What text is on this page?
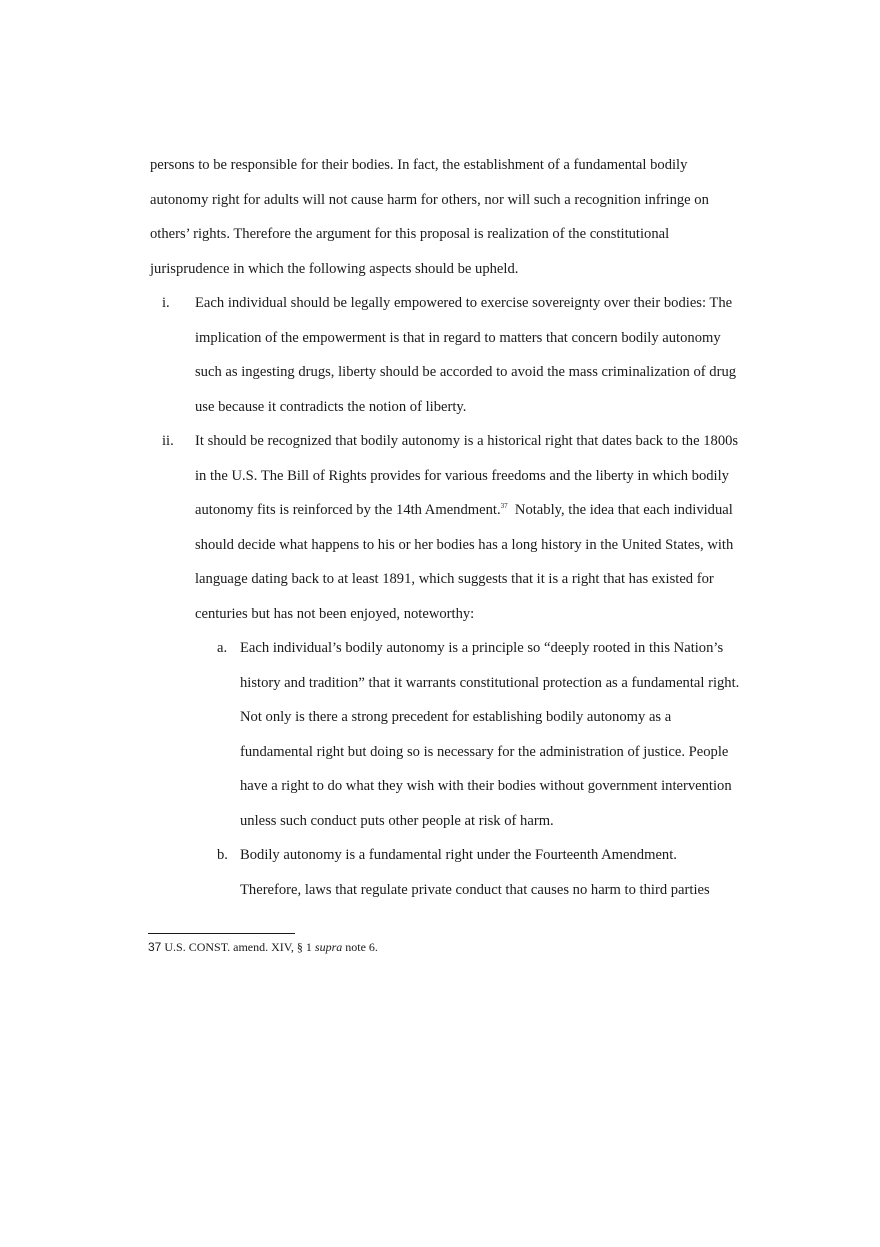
persons to be responsible for their bodies. In fact, the establishment of a fundamental bodily autonomy right for adults will not cause harm for others, nor will such a recognition infringe on others’ rights. Therefore the argument for this proposal is realization of the constitutional jurisprudence in which the following aspects should be upheld.

i. Each individual should be legally empowered to exercise sovereignty over their bodies: The implication of the empowerment is that in regard to matters that concern bodily autonomy such as ingesting drugs, liberty should be accorded to avoid the mass criminalization of drug use because it contradicts the notion of liberty.
ii. It should be recognized that bodily autonomy is a historical right that dates back to the 1800s in the U.S. The Bill of Rights provides for various freedoms and the liberty in which bodily autonomy fits is reinforced by the 14th Amendment.$^{37}$  Notably, the idea that each individual should decide what happens to his or her bodies has a long history in the United States, with language dating back to at least 1891, which suggests that it is a right that has existed for centuries but has not been enjoyed, noteworthy:
a. Each individual’s bodily autonomy is a principle so “deeply rooted in this Nation’s history and tradition” that it warrants constitutional protection as a fundamental right. Not only is there a strong precedent for establishing bodily autonomy as a fundamental right but doing so is necessary for the administration of justice. People have a right to do what they wish with their bodies without government intervention unless such conduct puts other people at risk of harm.
b. Bodily autonomy is a fundamental right under the Fourteenth Amendment. Therefore, laws that regulate private conduct that causes no harm to third parties
37 U.S. CONST. amend. XIV, § 1 supra note 6.
